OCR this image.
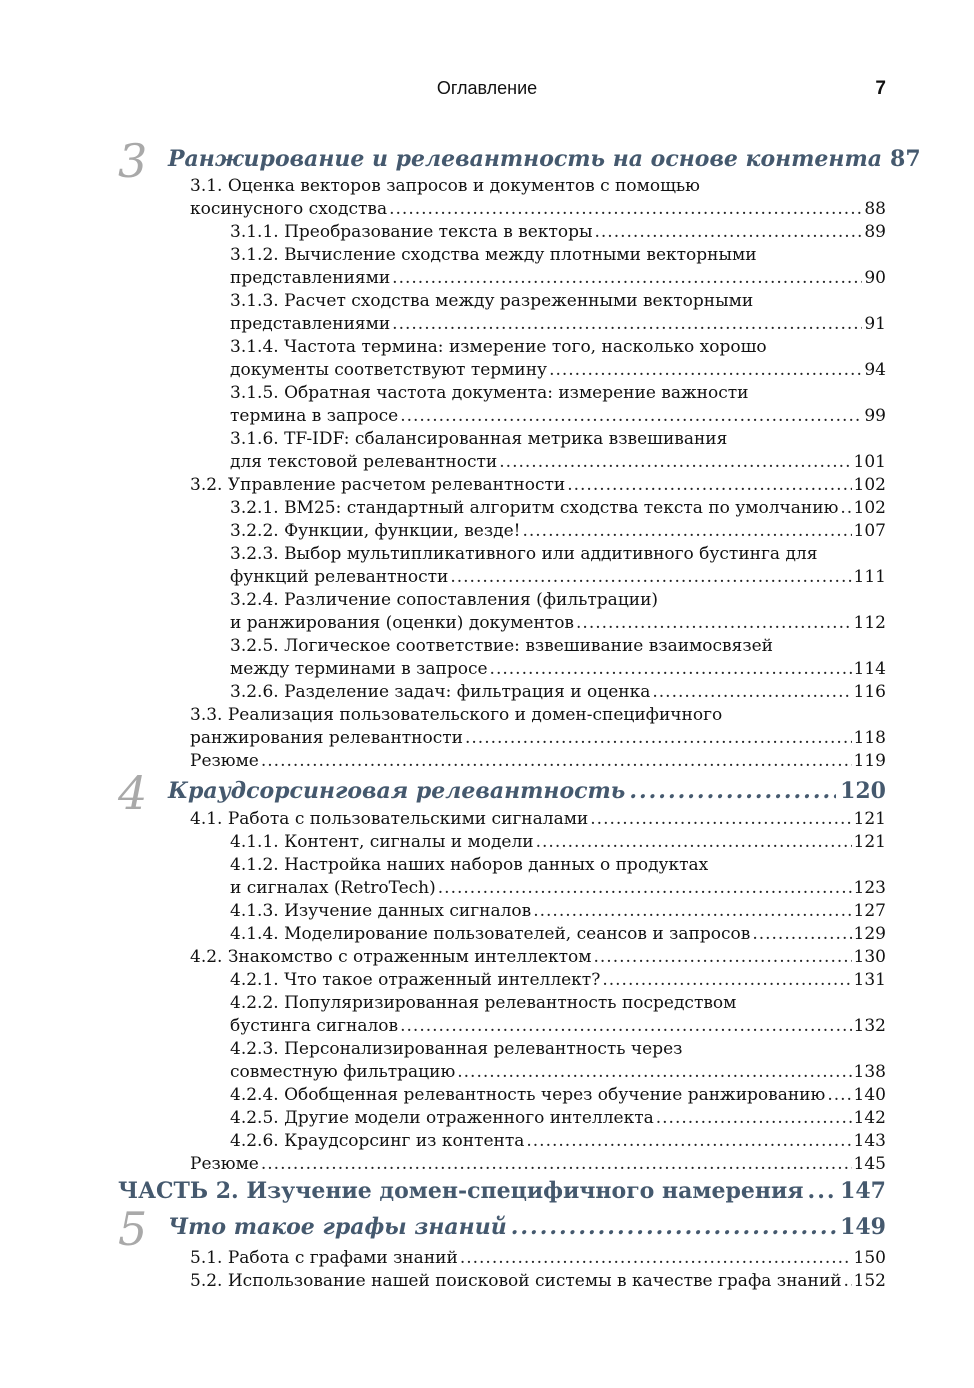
Оглавление	7
3 Ранжирование и релевантность на основе контента 87
3.1. Оценка векторов запросов и документов с помощью
косинусного сходства .....	88
3.1.1. Преобразование текста в векторы .....	89
3.1.2. Вычисление сходства между плотными векторными
представлениями .....	90
3.1.3. Расчет сходства между разреженными векторными
представлениями .....	91
3.1.4. Частота термина: измерение того, насколько хорошо
документы соответствуют термину .....	94
3.1.5. Обратная частота документа: измерение важности
термина в запросе .....	99
3.1.6. TF-IDF: сбалансированная метрика взвешивания
для текстовой релевантности .....	101
3.2. Управление расчетом релевантности .....	102
3.2.1. BM25: стандартный алгоритм сходства текста по умолчанию ..... 102
3.2.2. Функции, функции, везде! .....	107
3.2.3. Выбор мультипликативного или аддитивного бустинга для
функций релевантности .....	111
3.2.4. Различение сопоставления (фильтрации)
и ранжирования (оценки) документов .....	112
3.2.5. Логическое соответствие: взвешивание взаимосвязей
между терминами в запросе .....	114
3.2.6. Разделение задач: фильтрация и оценка .....	116
3.3. Реализация пользовательского и домен-специфичного
ранжирования релевантности .....	118
Резюме .....	119
4 Краудсорсинговая релевантность .....	120
4.1. Работа с пользовательскими сигналами .....	121
4.1.1. Контент, сигналы и модели .....	121
4.1.2. Настройка наших наборов данных о продуктах
и сигналах (RetroTech) .....	123
4.1.3. Изучение данных сигналов .....	127
4.1.4. Моделирование пользователей, сеансов и запросов .....	129
4.2. Знакомство с отраженным интеллектом .....	130
4.2.1. Что такое отраженный интеллект? .....	131
4.2.2. Популяризированная релевантность посредством
бустинга сигналов .....	132
4.2.3. Персонализированная релевантность через
совместную фильтрацию .....	138
4.2.4. Обобщенная релевантность через обучение ранжированию ..... 140
4.2.5. Другие модели отраженного интеллекта .....	142
4.2.6. Краудсорсинг из контента .....	143
Резюме .....	145
ЧАСТЬ 2. Изучение домен-специфичного намерения ..... 147
5 Что такое графы знаний .....	149
5.1. Работа с графами знаний .....	150
5.2. Использование нашей поисковой системы в качестве графа знаний ..... 152
